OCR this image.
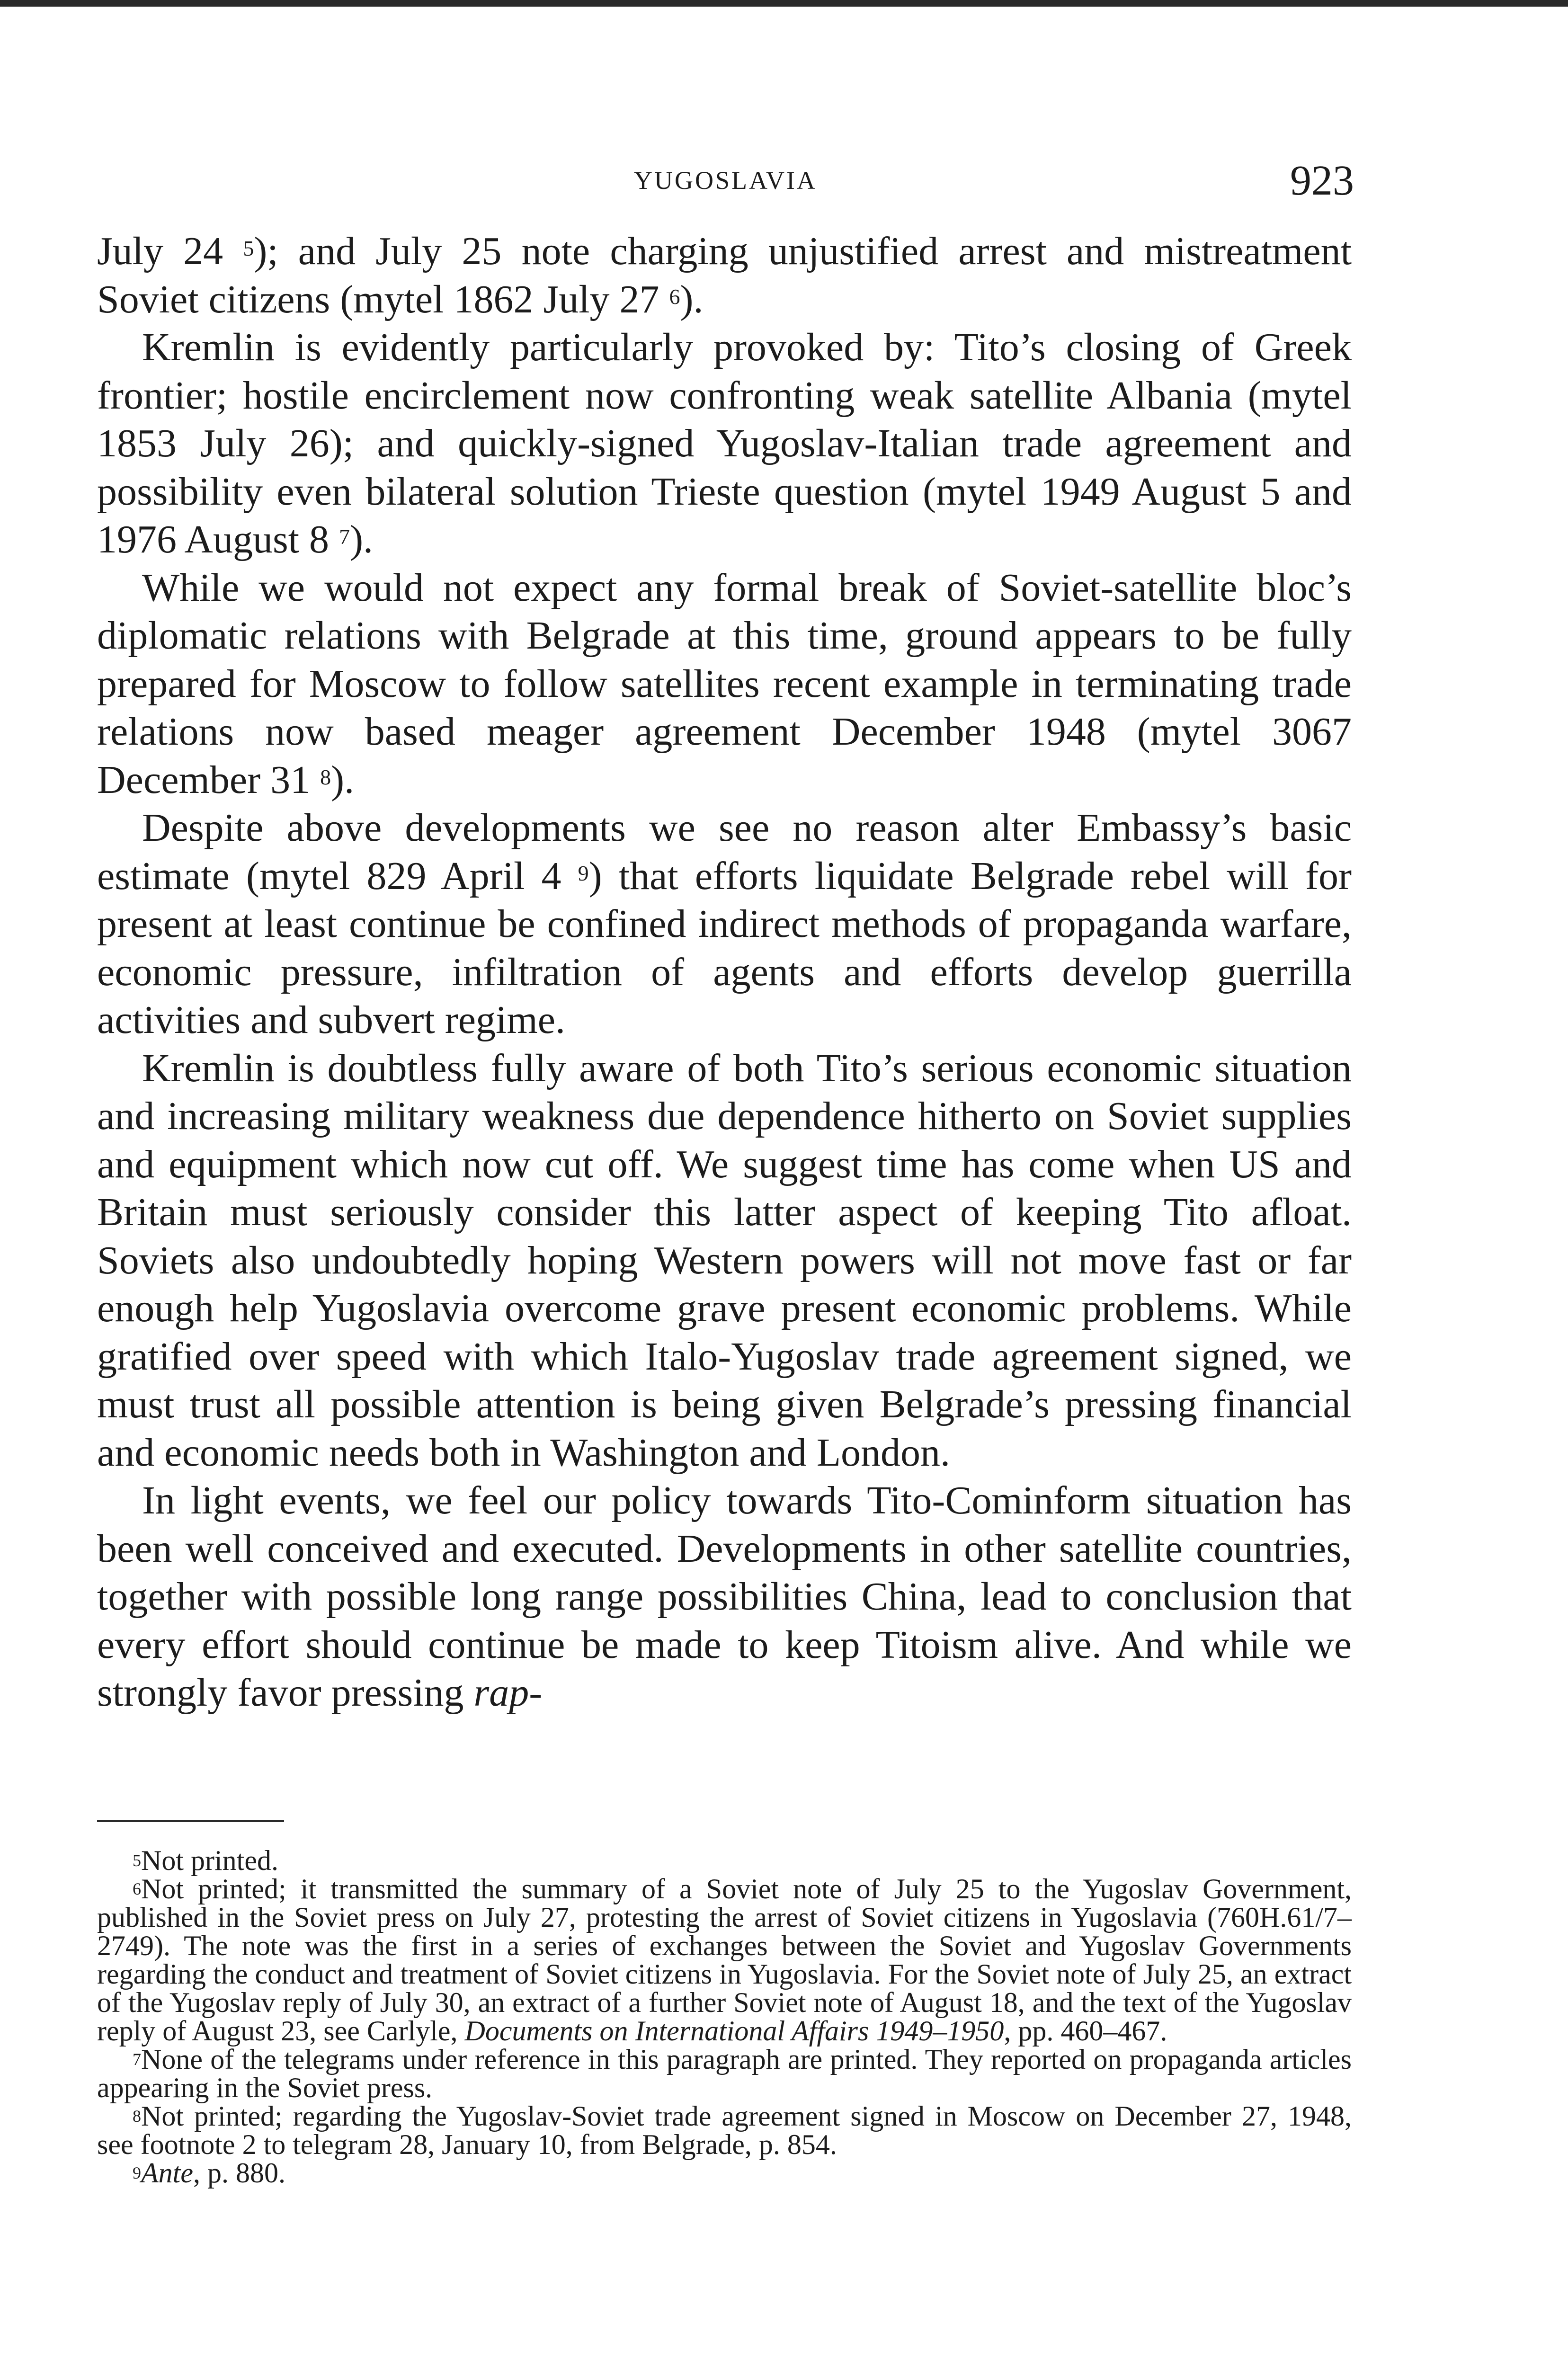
YUGOSLAVIA	923

July 24 $^5$); and July 25 note charging unjustified arrest and mistreatment Soviet citizens (mytel 1862 July 27 $^6$).

Kremlin is evidently particularly provoked by: Tito’s closing of Greek frontier; hostile encirclement now confronting weak satellite Albania (mytel 1853 July 26); and quickly-signed Yugoslav-Italian trade agreement and possibility even bilateral solution Trieste question (mytel 1949 August 5 and 1976 August 8 $^7$).

While we would not expect any formal break of Soviet-satellite bloc’s diplomatic relations with Belgrade at this time, ground appears to be fully prepared for Moscow to follow satellites recent example in terminating trade relations now based meager agreement December 1948 (mytel 3067 December 31 $^8$).

Despite above developments we see no reason alter Embassy’s basic estimate (mytel 829 April 4 $^9$) that efforts liquidate Belgrade rebel will for present at least continue be confined indirect methods of propaganda warfare, economic pressure, infiltration of agents and efforts develop guerrilla activities and subvert regime.

Kremlin is doubtless fully aware of both Tito’s serious economic situation and increasing military weakness due dependence hitherto on Soviet supplies and equipment which now cut off. We suggest time has come when US and Britain must seriously consider this latter aspect of keeping Tito afloat. Soviets also undoubtedly hoping Western powers will not move fast or far enough help Yugoslavia overcome grave present economic problems. While gratified over speed with which Italo-Yugoslav trade agreement signed, we must trust all possible attention is being given Belgrade’s pressing financial and economic needs both in Washington and London.

In light events, we feel our policy towards Tito-Cominform situation has been well conceived and executed. Developments in other satellite countries, together with possible long range possibilities China, lead to conclusion that every effort should continue be made to keep Titoism alive. And while we strongly favor pressing rap-

$^5$Not printed.

$^6$Not printed; it transmitted the summary of a Soviet note of July 25 to the Yugoslav Government, published in the Soviet press on July 27, protesting the arrest of Soviet citizens in Yugoslavia (760H.61/7–2749). The note was the first in a series of exchanges between the Soviet and Yugoslav Governments regarding the conduct and treatment of Soviet citizens in Yugoslavia. For the Soviet note of July 25, an extract of the Yugoslav reply of July 30, an extract of a further Soviet note of August 18, and the text of the Yugoslav reply of August 23, see Carlyle, Documents on International Affairs 1949–1950, pp. 460–467.

$^7$None of the telegrams under reference in this paragraph are printed. They reported on propaganda articles appearing in the Soviet press.

$^8$Not printed; regarding the Yugoslav-Soviet trade agreement signed in Moscow on December 27, 1948, see footnote 2 to telegram 28, January 10, from Belgrade, p. 854.

$^9$Ante, p. 880.
